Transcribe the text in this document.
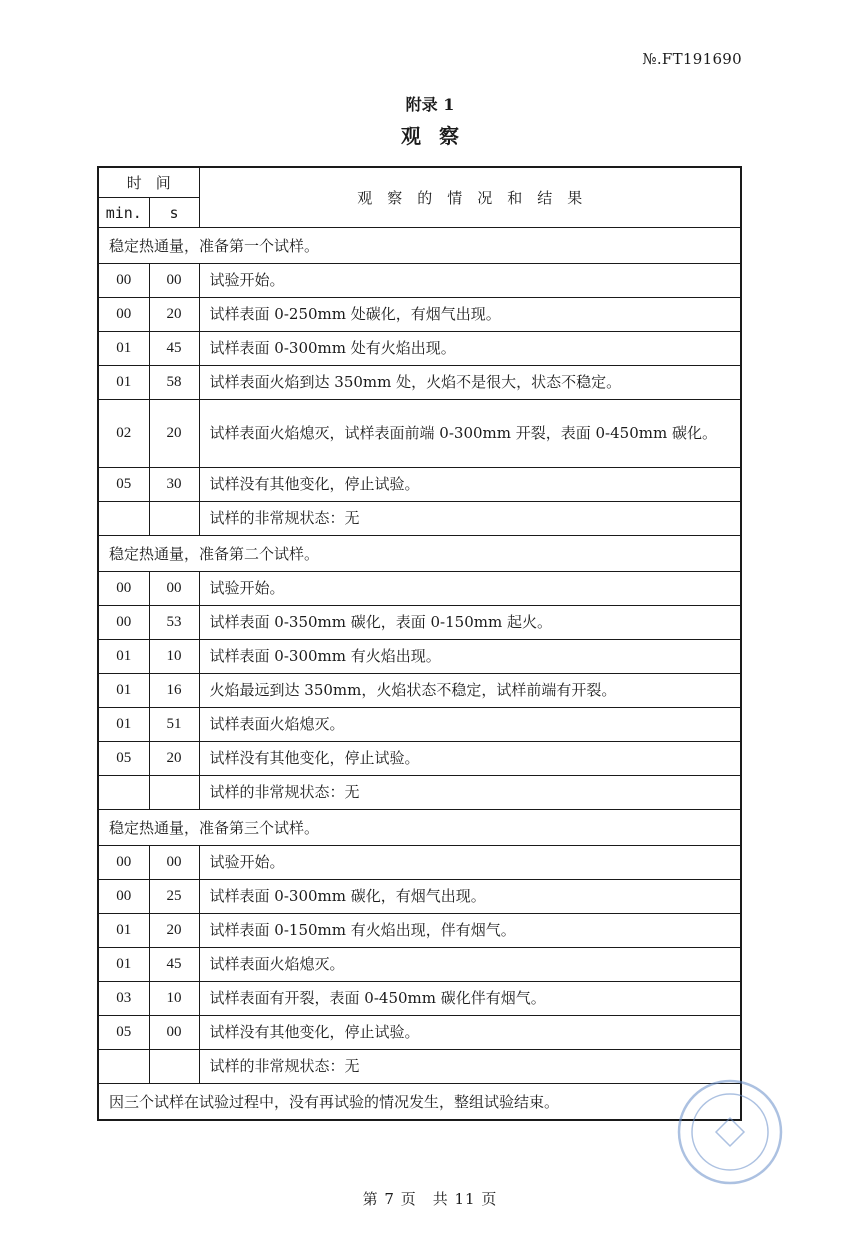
№.FT191690
附录 1
观察
时间		观察的情况和结果
min.	s	
稳定热通量，准备第一个试样。		
00	00	试验开始。
00	20	试样表面 0-250mm 处碳化，有烟气出现。
01	45	试样表面 0-300mm 处有火焰出现。
01	58	试样表面火焰到达 350mm 处，火焰不是很大，状态不稳定。
02	20	试样表面火焰熄灭，试样表面前端 0-300mm 开裂，表面 0-450mm 碳化。
05	30	试样没有其他变化，停止试验。
		试样的非常规状态：无
稳定热通量，准备第二个试样。		
00	00	试验开始。
00	53	试样表面 0-350mm 碳化，表面 0-150mm 起火。
01	10	试样表面 0-300mm 有火焰出现。
01	16	火焰最远到达 350mm，火焰状态不稳定，试样前端有开裂。
01	51	试样表面火焰熄灭。
05	20	试样没有其他变化，停止试验。
		试样的非常规状态：无
稳定热通量，准备第三个试样。		
00	00	试验开始。
00	25	试样表面 0-300mm 碳化，有烟气出现。
01	20	试样表面 0-150mm 有火焰出现，伴有烟气。
01	45	试样表面火焰熄灭。
03	10	试样表面有开裂，表面 0-450mm 碳化伴有烟气。
05	00	试样没有其他变化，停止试验。
		试样的非常规状态：无
因三个试样在试验过程中，没有再试验的情况发生，整组试验结束。		
第 7 页　共 11 页
